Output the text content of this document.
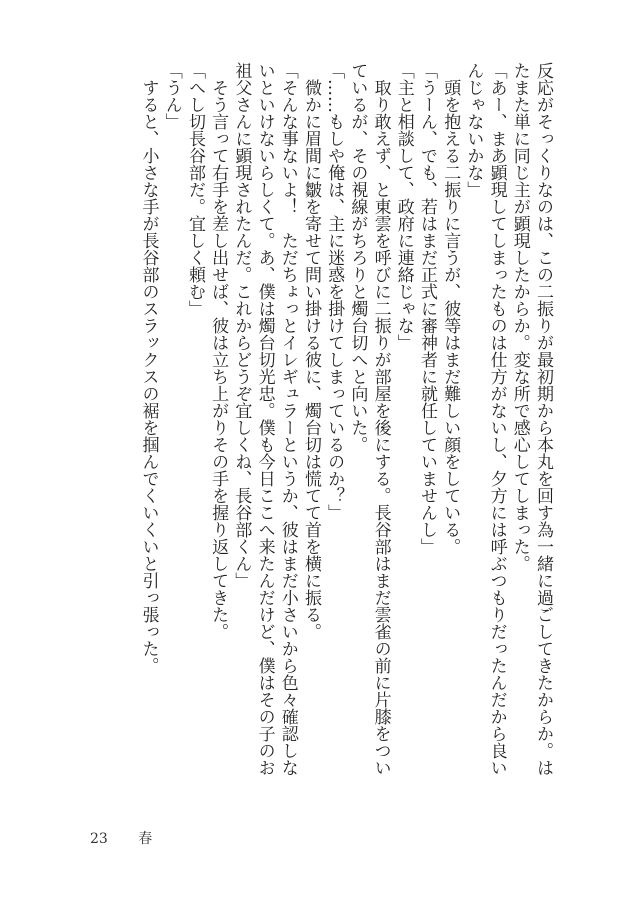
反応がそっくりなのは、この二振りが最初期から本丸を回す為一緒に過ごしてきたからか。は

たまた単に同じ主が顕現したからか。変な所で感心してしまった。

「あー、まあ顕現してしまったものは仕方がないし、夕方には呼ぶつもりだったんだから良い

んじゃないかな」

　頭を抱える二振りに言うが、彼等はまだ難しい顔をしている。

「うーん、でも、若はまだ正式に審神者に就任していませんし」

「主と相談して、政府に連絡じゃな」

　取り敢えず、と東雲を呼びに二振りが部屋を後にする。長谷部はまだ雲雀の前に片膝をつい

ているが、その視線がちろりと燭台切へと向いた。

「……もしや俺は、主に迷惑を掛けてしまっているのか？」

　微かに眉間に皺を寄せて問い掛ける彼に、燭台切は慌てて首を横に振る。

「そんな事ないよ！　ただちょっとイレギュラーというか、彼はまだ小さいから色々確認しな

いといけないらしくて。あ、僕は燭台切光忠。僕も今日ここへ来たんだけど、僕はその子のお

祖父さんに顕現されたんだ。これからどうぞ宜しくね、長谷部くん」

　そう言って右手を差し出せば、彼は立ち上がりその手を握り返してきた。

「へし切長谷部だ。宜しく頼む」

「うん」

　すると、小さな手が長谷部のスラックスの裾を掴んでくいくいと引っ張った。

23 春
